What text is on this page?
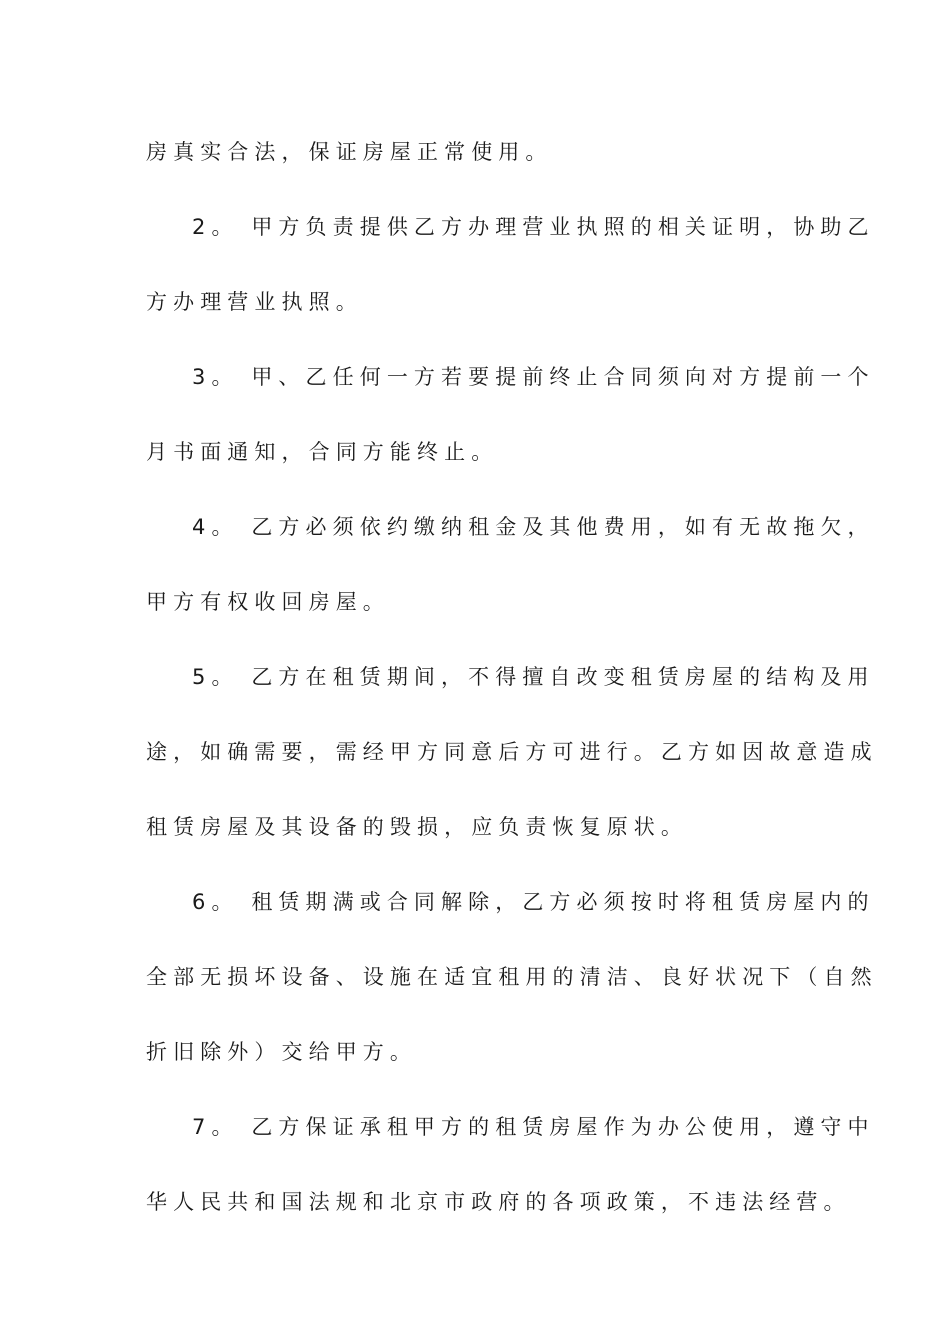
房真实合法，保证房屋正常使用。
2。 甲方负责提供乙方办理营业执照的相关证明，协助乙
方办理营业执照。
3。 甲、乙任何一方若要提前终止合同须向对方提前一个
月书面通知，合同方能终止。
4。 乙方必须依约缴纳租金及其他费用，如有无故拖欠，
甲方有权收回房屋。
5。 乙方在租赁期间，不得擅自改变租赁房屋的结构及用
途，如确需要，需经甲方同意后方可进行。乙方如因故意造成
租赁房屋及其设备的毁损，应负责恢复原状。
6。 租赁期满或合同解除，乙方必须按时将租赁房屋内的
全部无损坏设备、设施在适宜租用的清洁、良好状况下（自然
折旧除外）交给甲方。
7。 乙方保证承租甲方的租赁房屋作为办公使用，遵守中
华人民共和国法规和北京市政府的各项政策，不违法经营。
